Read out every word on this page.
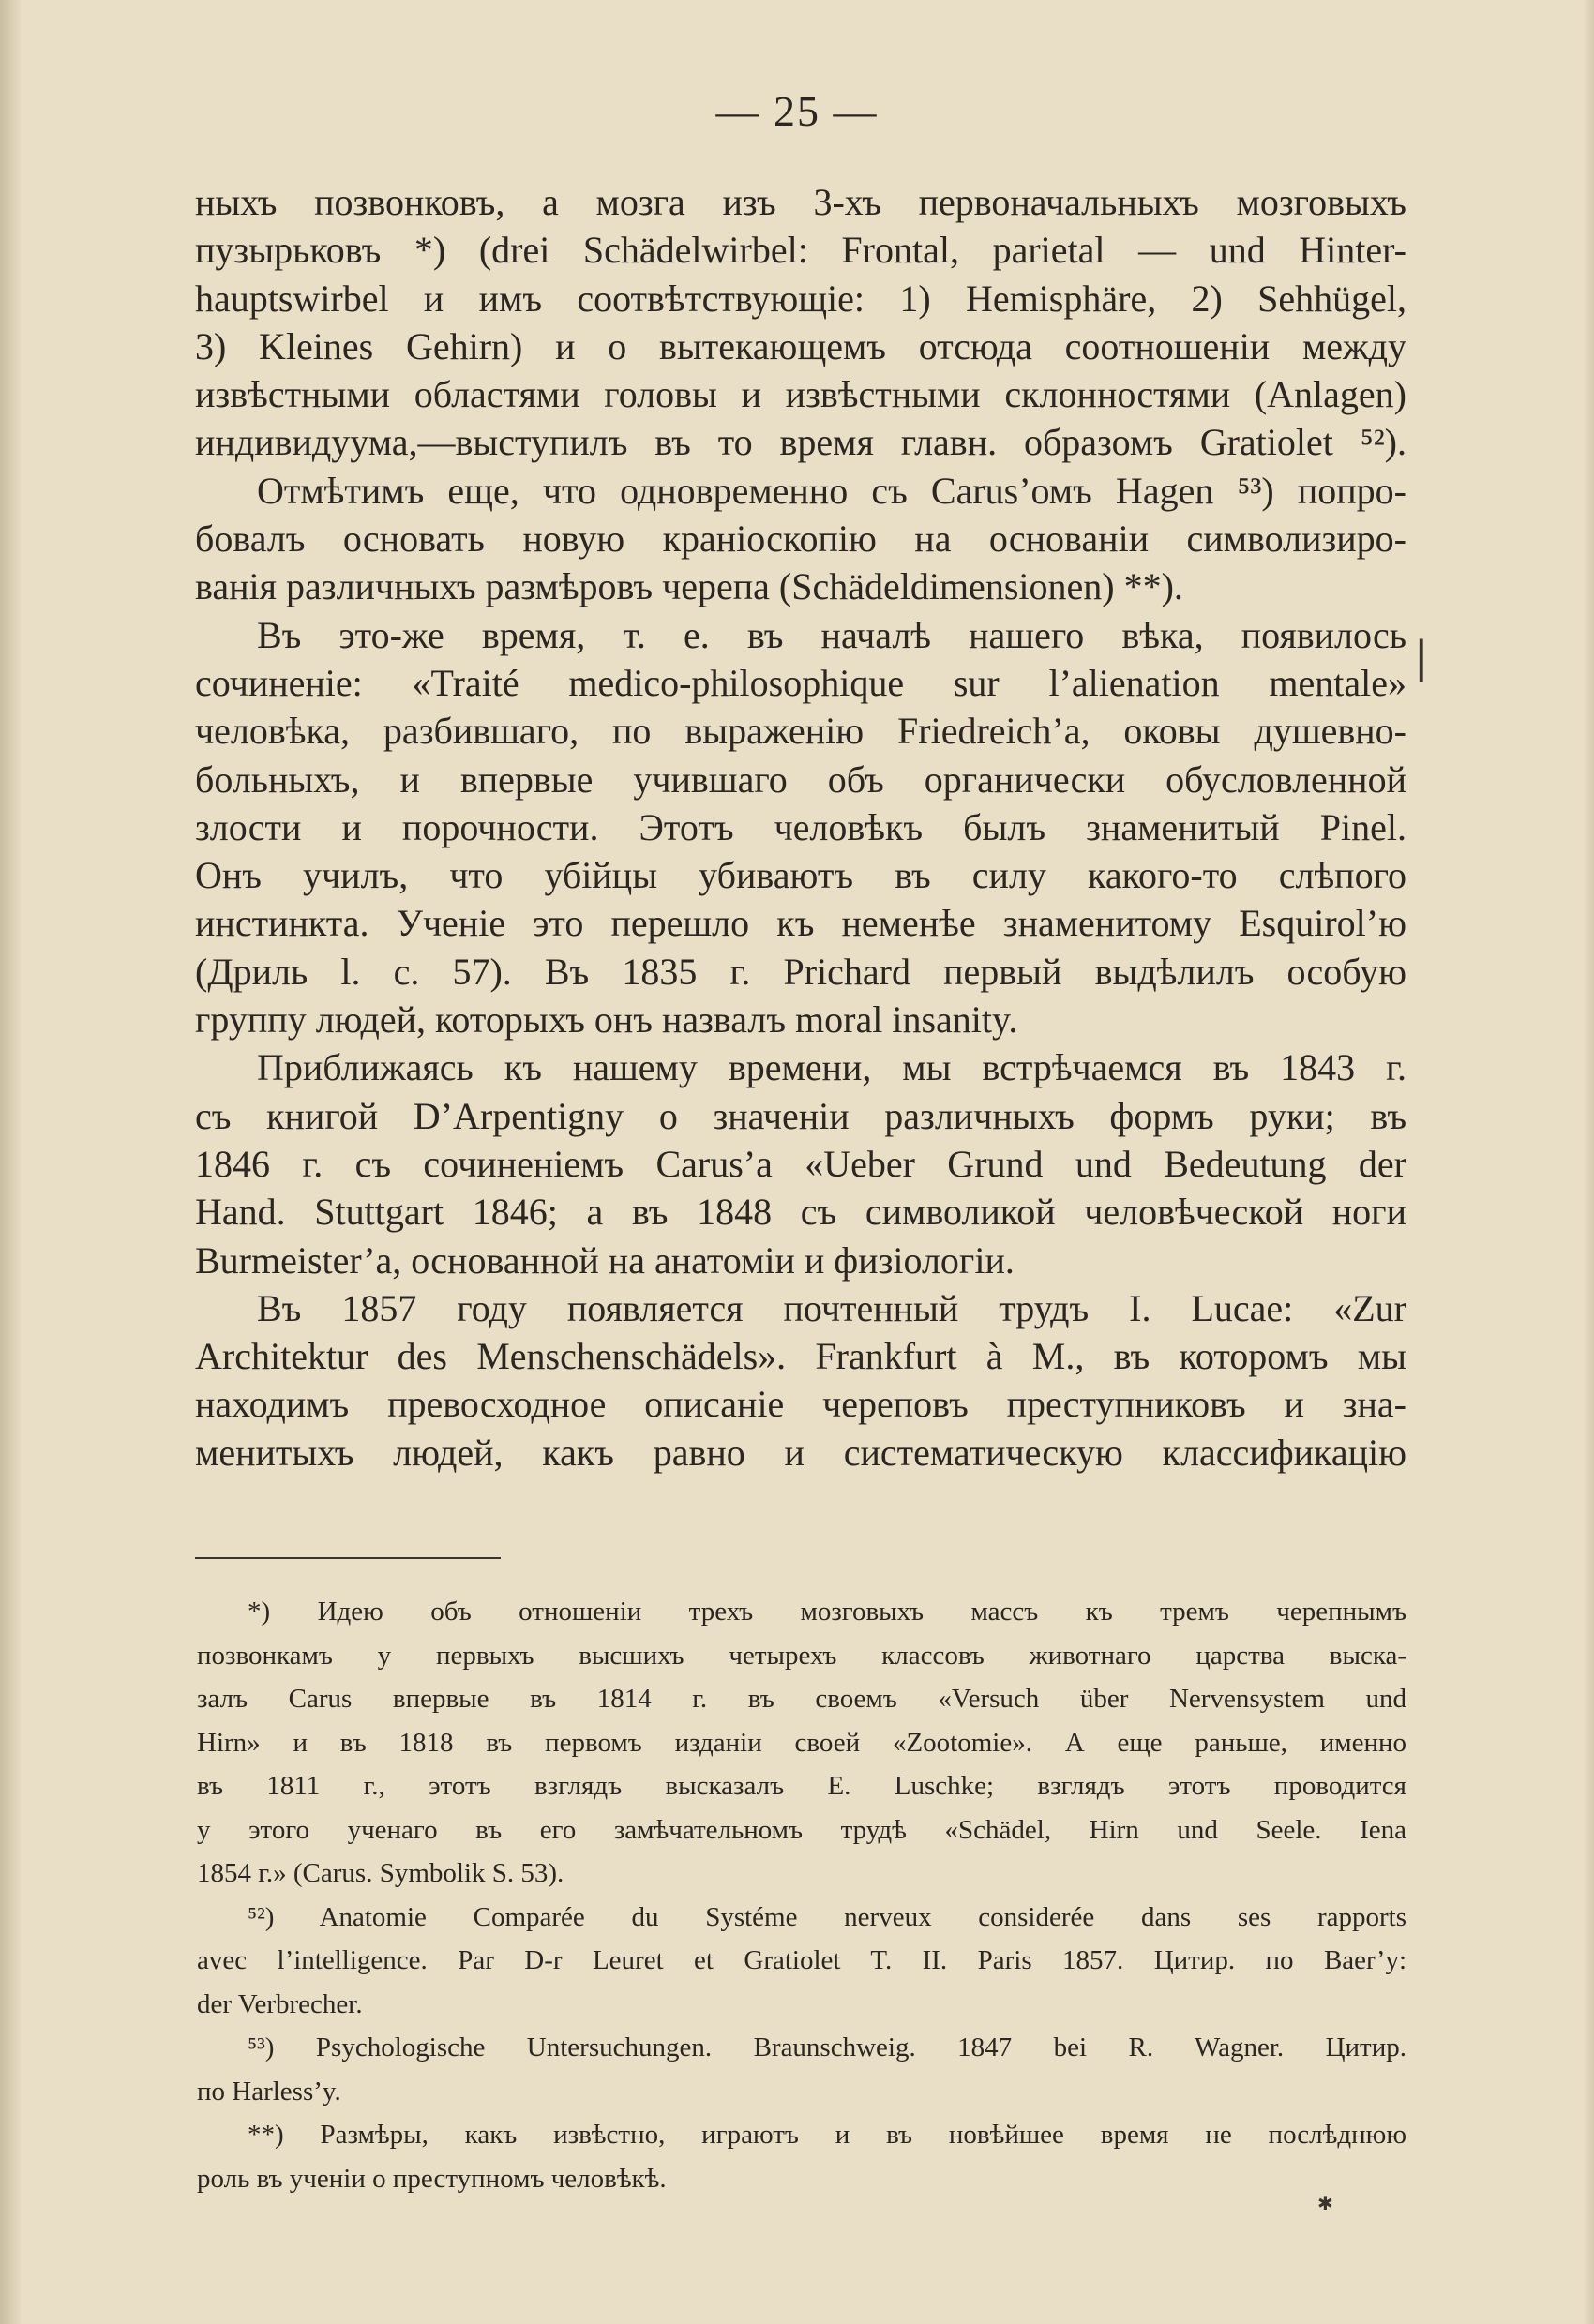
— 25 —
ныхъ позвонковъ, а мозга изъ 3-хъ первоначальныхъ мозговыхъ
пузырьковъ *) (drei Schädelwirbel: Frontal, parietal — und Hinter-
hauptswirbel и имъ соотвѣтствующіе: 1) Hemisphäre, 2) Sehhügel,
3) Kleines Gehirn) и о вытекающемъ отсюда соотношеніи между
извѣстными областями головы и извѣстными склонностями (Anlagen)
индивидуума,—выступилъ въ то время главн. образомъ Gratiolet ⁵²).
Отмѣтимъ еще, что одновременно съ Carus’омъ Hagen ⁵³) попро-
бовалъ основать новую краніоскопію на основаніи символизиро-
ванія различныхъ размѣровъ черепа (Schädeldimensionen) **).
Въ это-же время, т. е. въ началѣ нашего вѣка, появилось
сочиненіе: «Traité medico-philosophique sur l’alienation mentale»
человѣка, разбившаго, по выраженію Friedreich’a, оковы душевно-
больныхъ, и впервые учившаго объ органически обусловленной
злости и порочности. Этотъ человѣкъ былъ знаменитый Pinel.
Онъ училъ, что убійцы убиваютъ въ силу какого-то слѣпого
инстинкта. Ученіе это перешло къ неменѣе знаменитому Esquirol’ю
(Дриль l. с. 57). Въ 1835 г. Prichard первый выдѣлилъ особую
группу людей, которыхъ онъ назвалъ moral insanity.
Приближаясь къ нашему времени, мы встрѣчаемся въ 1843 г.
съ книгой D’Arpentigny о значеніи различныхъ формъ руки; въ
1846 г. съ сочиненіемъ Carus’a «Ueber Grund und Bedeutung der
Hand. Stuttgart 1846; а въ 1848 съ символикой человѣческой ноги
Burmeister’a, основанной на анатоміи и физіологіи.
Въ 1857 году появляется почтенный трудъ I. Lucae: «Zur
Architektur des Menschenschädels». Frankfurt à M., въ которомъ мы
находимъ превосходное описаніе череповъ преступниковъ и зна-
менитыхъ людей, какъ равно и систематическую классификацію
|
*) Идею объ отношеніи трехъ мозговыхъ массъ къ тремъ черепнымъ
позвонкамъ у первыхъ высшихъ четырехъ классовъ животнаго царства выска-
залъ Carus впервые въ 1814 г. въ своемъ «Versuch über Nervensystem und
Hirn» и въ 1818 въ первомъ изданіи своей «Zootomie». А еще раньше, именно
въ 1811 г., этотъ взглядъ высказалъ E. Luschke; взглядъ этотъ проводится
у этого ученаго въ его замѣчательномъ трудѣ «Schädel, Hirn und Seele. Iena
1854 г.» (Carus. Symbolik S. 53).
⁵²) Anatomie Comparée du Systéme nerveux considerée dans ses rapports
avec l’intelligence. Par D-r Leuret et Gratiolet T. II. Paris 1857. Цитир. по Baer’y:
der Verbrecher.
⁵³) Psychologische Untersuchungen. Braunschweig. 1847 bei R. Wagner. Цитир.
по Harless’y.
**) Размѣры, какъ извѣстно, играютъ и въ новѣйшее время не послѣднюю
роль въ ученіи о преступномъ человѣкѣ.
✱
